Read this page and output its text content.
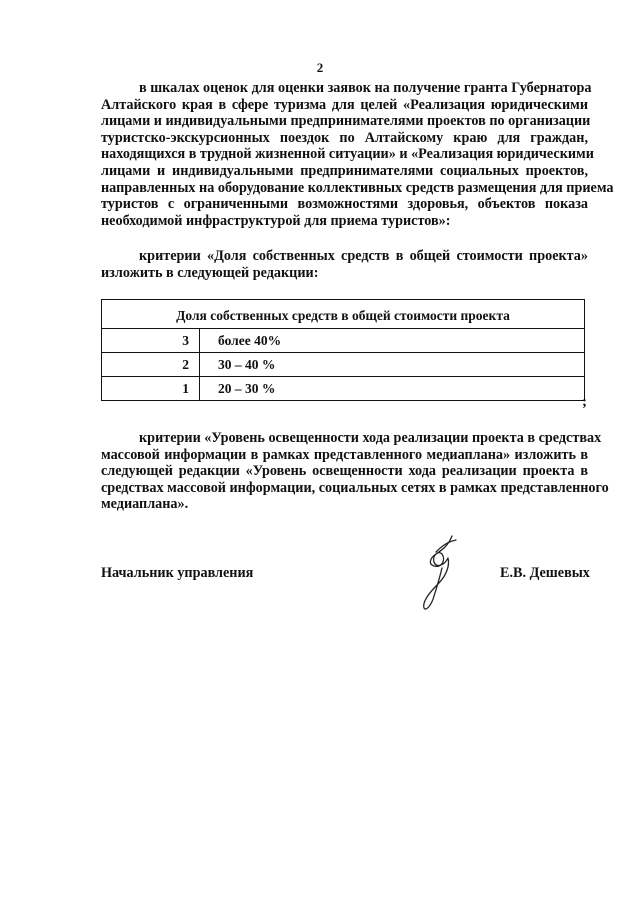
2
в шкалах оценок для оценки заявок на получение гранта Губернатора
Алтайского края в сфере туризма для целей «Реализация юридическими
лицами и индивидуальными предпринимателями проектов по организации
туристско-экскурсионных поездок по Алтайскому краю для граждан,
находящихся в трудной жизненной ситуации» и «Реализация юридическими
лицами и индивидуальными предпринимателями социальных проектов,
направленных на оборудование коллективных средств размещения для приема
туристов с ограниченными возможностями здоровья, объектов показа
необходимой инфраструктурой для приема туристов»:
критерии «Доля собственных средств в общей стоимости проекта»
изложить в следующей редакции:
Доля собственных средств в общей стоимости проекта	
3	более 40%
2	30 – 40 %
1	20 – 30 %
;
критерии «Уровень освещенности хода реализации проекта в средствах
массовой информации в рамках представленного медиаплана» изложить в
следующей редакции «Уровень освещенности хода реализации проекта в
средствах массовой информации, социальных сетях в рамках представленного
медиаплана».
Начальник управления	Е.В. Дешевых
